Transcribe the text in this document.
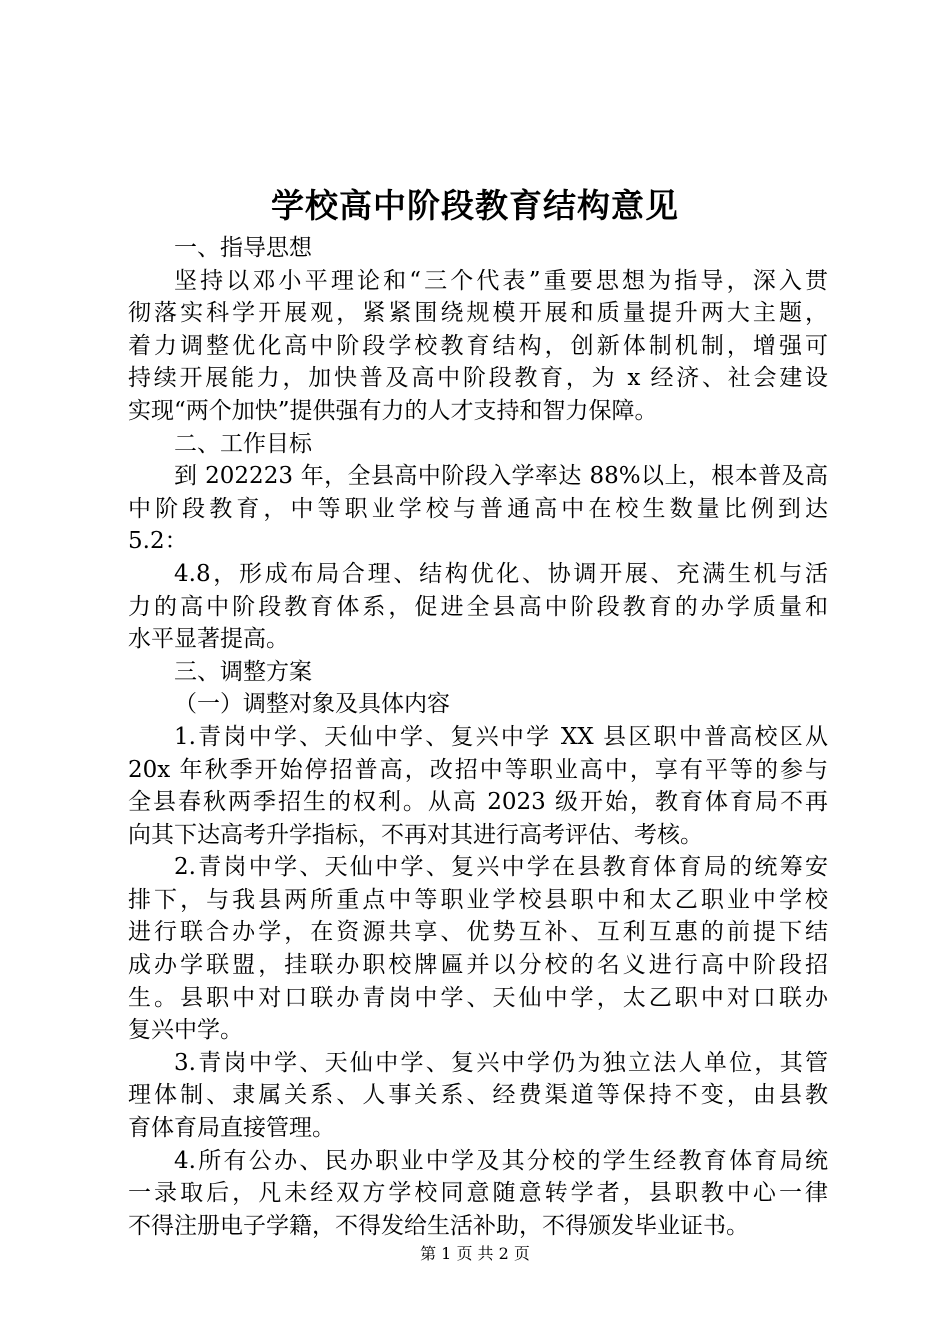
学校高中阶段教育结构意见
一、指导思想
坚持以邓小平理论和“三个代表”重要思想为指导，深入贯
彻落实科学开展观，紧紧围绕规模开展和质量提升两大主题，
着力调整优化高中阶段学校教育结构，创新体制机制，增强可
持续开展能力，加快普及高中阶段教育，为 x 经济、社会建设
实现“两个加快”提供强有力的人才支持和智力保障。
二、工作目标
到 202223 年，全县高中阶段入学率达 88%以上，根本普及高
中阶段教育，中等职业学校与普通高中在校生数量比例到达
5.2：
4.8，形成布局合理、结构优化、协调开展、充满生机与活
力的高中阶段教育体系，促进全县高中阶段教育的办学质量和
水平显著提高。
三、调整方案
（一）调整对象及具体内容
1.青岗中学、天仙中学、复兴中学 XX 县区职中普高校区从
20x 年秋季开始停招普高，改招中等职业高中，享有平等的参与
全县春秋两季招生的权利。从高 2023 级开始，教育体育局不再
向其下达高考升学指标，不再对其进行高考评估、考核。
2.青岗中学、天仙中学、复兴中学在县教育体育局的统筹安
排下，与我县两所重点中等职业学校县职中和太乙职业中学校
进行联合办学，在资源共享、优势互补、互利互惠的前提下结
成办学联盟，挂联办职校牌匾并以分校的名义进行高中阶段招
生。县职中对口联办青岗中学、天仙中学，太乙职中对口联办
复兴中学。
3.青岗中学、天仙中学、复兴中学仍为独立法人单位，其管
理体制、隶属关系、人事关系、经费渠道等保持不变，由县教
育体育局直接管理。
4.所有公办、民办职业中学及其分校的学生经教育体育局统
一录取后，凡未经双方学校同意随意转学者，县职教中心一律
不得注册电子学籍，不得发给生活补助，不得颁发毕业证书。
第 1 页 共 2 页
